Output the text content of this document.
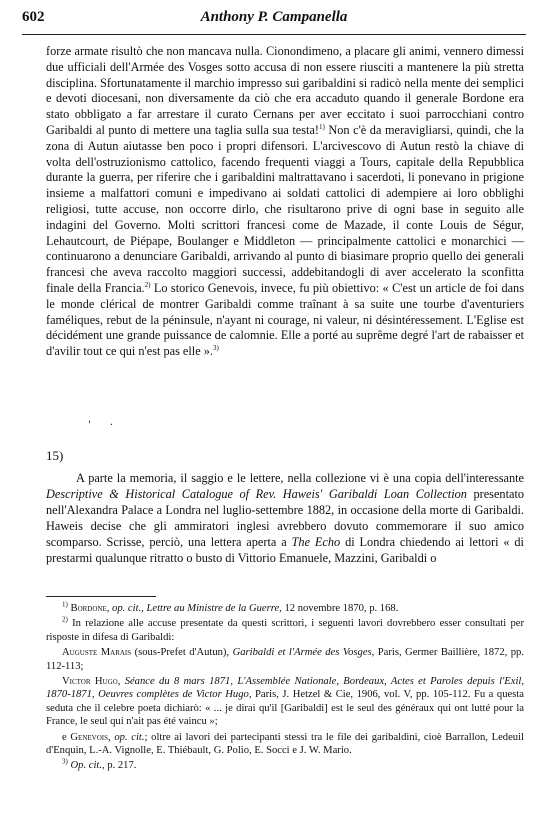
602	Anthony P. Campanella

forze armate risultò che non mancava nulla. Cionondimeno, a placare gli animi, vennero dimessi due ufficiali dell'Armée des Vosges sotto accusa di non essere riusciti a mantenere la più stretta disciplina. Sfortunatamente il marchio impresso sui garibaldini si radicò nella mente dei semplici e devoti diocesani, non diversamente da ciò che era accaduto quando il generale Bordone era stato obbligato a far arrestare il curato Cernans per aver eccitato i suoi parrocchiani contro Garibaldi al punto di mettere una taglia sulla sua testa!$^{1)}$ Non c'è da meravigliarsi, quindi, che la zona di Autun aiutasse ben poco i propri difensori. L'arcivescovo di Autun restò la chiave di volta dell'ostruzionismo cattolico, facendo frequenti viaggi a Tours, capitale della Repubblica durante la guerra, per riferire che i garibaldini maltrattavano i sacerdoti, li ponevano in prigione insieme a malfattori comuni e impedivano ai soldati cattolici di adempiere ai loro obblighi religiosi, tutte accuse, non occorre dirlo, che risultarono prive di ogni base in seguito alle indagini del Governo. Molti scrittori francesi come de Mazade, il conte Louis de Ségur, Lehautcourt, de Piépape, Boulanger e Middleton — principalmente cattolici e monarchici — continuarono a denunciare Garibaldi, arrivando al punto di biasimare proprio quello dei generali francesi che aveva raccolto maggiori successi, addebitandogli di aver accelerato la sconfitta finale della Francia.$^{2)}$ Lo storico Genevois, invece, fu più obiettivo: « C'est un article de foi dans le monde clérical de montrer Garibaldi comme traînant à sa suite une tourbe d'aventuriers faméliques, rebut de la péninsule, n'ayant ni courage, ni valeur, ni désintéressement. L'Eglise est décidément une grande puissance de calomnie. Elle a porté au suprême degré l'art de rabaisser et d'avilir tout ce qui n'est pas elle ».$^{3)}$

' ·
15)

A parte la memoria, il saggio e le lettere, nella collezione vi è una copia dell'interessante Descriptive & Historical Catalogue of Rev. Haweis' Garibaldi Loan Collection presentato nell'Alexandra Palace a Londra nel luglio-settembre 1882, in occasione della morte di Garibaldi. Haweis decise che gli ammiratori inglesi avrebbero dovuto commemorare il suo amico scomparso. Scrisse, perciò, una lettera aperta a The Echo di Londra chiedendo ai lettori « di prestarmi qualunque ritratto o busto di Vittorio Emanuele, Mazzini, Garibaldi o

$^{1)}$ Bordone, op. cit., Lettre au Ministre de la Guerre, 12 novembre 1870, p. 168.

$^{2)}$ In relazione alle accuse presentate da questi scrittori, i seguenti lavori dovrebbero esser consultati per risposte in difesa di Garibaldi:

Auguste Marais (sous-Prefet d'Autun), Garibaldi et l'Armée des Vosges, Paris, Germer Baillière, 1872, pp. 112-113;

Victor Hugo, Séance du 8 mars 1871, L'Assemblée Nationale, Bordeaux, Actes et Paroles depuis l'Exil, 1870-1871, Oeuvres complètes de Victor Hugo, Paris, J. Hetzel & Cie, 1906, vol. V, pp. 105-112. Fu a questa seduta che il celebre poeta dichiarò: « ... je dirai qu'il [Garibaldi] est le seul des généraux qui ont lutté pour la France, le seul qui n'ait pas été vaincu »;

e Genevois, op. cit.; oltre ai lavori dei partecipanti stessi tra le file dei garibaldini, cioè Barrallon, Ledeuil d'Enquin, L.-A. Vignolle, E. Thiébault, G. Polio, E. Socci e J. W. Mario.

$^{3)}$ Op. cit., p. 217.
